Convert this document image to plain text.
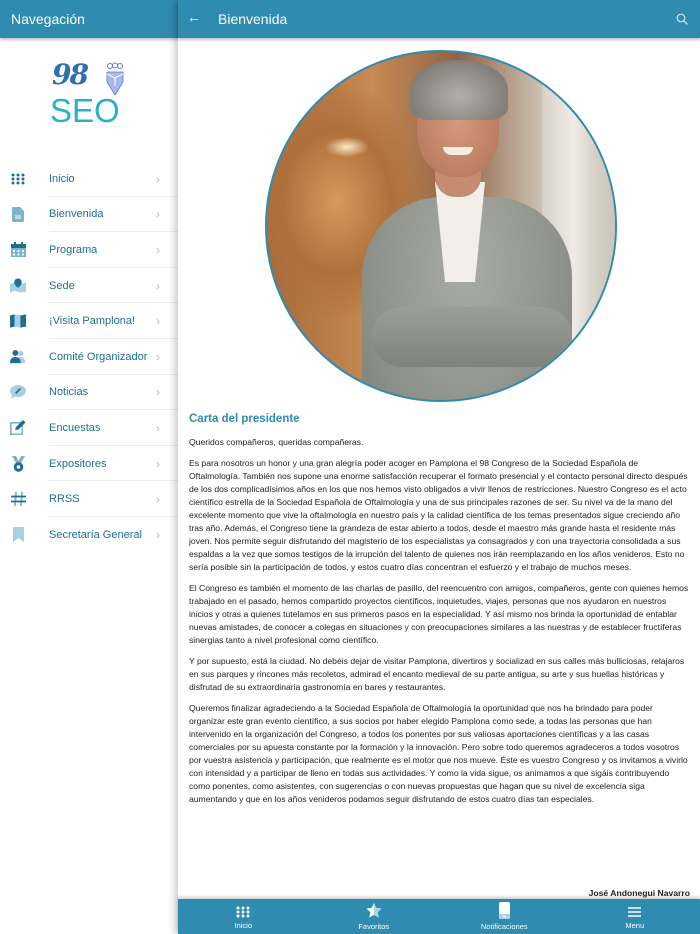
Navegación
98
SEO
Inicio	›
Bienvenida	›
Programa	›
Sede	›
¡Visita Pamplona!	›
Comité Organizador ›
Noticias	›
Encuestas	›
Expositores	›
RRSS	›
Secretaría General	›
← Bienvenida
Carta del presidente

Queridos compañeros, queridas compañeras.

Es para nosotros un honor y una gran alegría poder acoger en Pamplona el 98 Congreso de la Sociedad Española de Oftalmología. También nos supone una enorme satisfacción recuperar el formato presencial y el contacto personal directo después de los dos complicadísimos años en los que nos hemos visto obligados a vivir llenos de restricciones. Nuestro Congreso es el acto científico estrella de la Sociedad Española de Oftalmología y una de sus principales razones de ser. Su nivel va de la mano del excelente momento que vive la oftalmología en nuestro país y la calidad científica de los temas presentados sigue creciendo año tras año. Además, el Congreso tiene la grandeza de estar abierto a todos, desde el maestro más grande hasta el residente más joven. Nos permite seguir disfrutando del magisterio de los especialistas ya consagrados y con una trayectoria consolidada a sus espaldas a la vez que somos testigos de la irrupción del talento de quienes nos irán reemplazando en los años venideros. Esto no sería posible sin la participación de todos, y estos cuatro días concentran el esfuerzo y el trabajo de muchos meses.

El Congreso es también el momento de las charlas de pasillo, del reencuentro con amigos, compañeros, gente con quienes hemos trabajado en el pasado, hemos compartido proyectos científicos, inquietudes, viajes, personas que nos ayudaron en nuestros inicios y otras a quienes tutelamos en sus primeros pasos en la especialidad. Y así mismo nos brinda la oportunidad de entablar nuevas amistades, de conocer a colegas en situaciones y con preocupaciones similares a las nuestras y de establecer fructíferas sinergias tanto a nivel profesional como científico.

Y por supuesto, está la ciudad. No debéis dejar de visitar Pamplona, divertiros y socializad en sus calles más bulliciosas, relajaros en sus parques y rincones más recoletos, admirad el encanto medieval de su parte antigua, su arte y sus huellas históricas y disfrutad de su extraordinaria gastronomía en bares y restaurantes.

Queremos finalizar agradeciendo a la Sociedad Española de Oftalmología la oportunidad que nos ha brindado para poder organizar este gran evento científico, a sus socios por haber elegido Pamplona como sede, a todas las personas que han intervenido en la organización del Congreso, a todos los ponentes por sus valiosas aportaciones científicas y a las casas comerciales por su apuesta constante por la formación y la innovación. Pero sobre todo queremos agradeceros a todos vosotros por vuestra asistencia y participación, que realmente es el motor que nos mueve. Éste es vuestro Congreso y os invitamos a vivirlo con intensidad y a participar de lleno en todas sus actividades. Y como la vida sigue, os animamos a que sigáis contribuyendo como ponentes, como asistentes, con sugerencias o con nuevas propuestas que hagan que su nivel de excelencia siga aumentando y que en los años venideros podamos seguir disfrutando de estos cuatro días tan especiales.

José Andonegui Navarro
Inicio	Favoritos	Notificaciones	Menu
